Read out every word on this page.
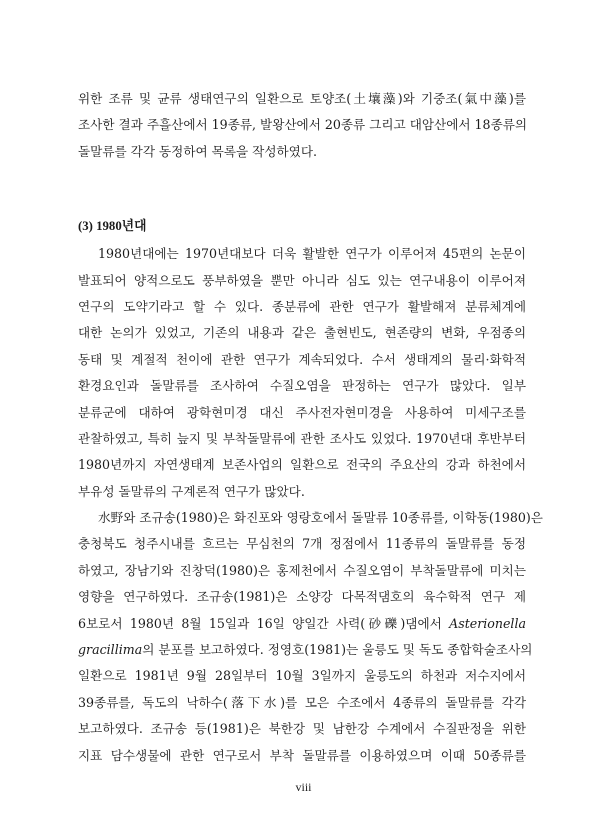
위한 조류 및 균류 생태연구의 일환으로 토양조(土壤藻)와 기중조(氣中藻)를
조사한 결과 주흘산에서 19종류, 발왕산에서 20종류 그리고 대암산에서 18종류의
돌말류를 각각 동정하여 목록을 작성하였다.
(3) 1980년대
1980년대에는 1970년대보다 더욱 활발한 연구가 이루어져 45편의 논문이
발표되어 양적으로도 풍부하였을 뿐만 아니라 심도 있는 연구내용이 이루어져
연구의 도약기라고 할 수 있다. 종분류에 관한 연구가 활발해져 분류체계에
대한 논의가 있었고, 기존의 내용과 같은 출현빈도, 현존량의 변화, 우점종의
동태 및 계절적 천이에 관한 연구가 계속되었다. 수서 생태계의 물리·화학적
환경요인과 돌말류를 조사하여 수질오염을 판정하는 연구가 많았다. 일부
분류군에 대하여 광학현미경 대신 주사전자현미경을 사용하여 미세구조를
관찰하였고, 특히 늪지 및 부착돌말류에 관한 조사도 있었다. 1970년대 후반부터
1980년까지 자연생태계 보존사업의 일환으로 전국의 주요산의 강과 하천에서
부유성 돌말류의 구계론적 연구가 많았다.
水野와 조규송(1980)은 화진포와 영랑호에서 돌말류 10종류를, 이학동(1980)은
충청북도 청주시내를 흐르는 무심천의 7개 정점에서 11종류의 돌말류를 동정
하였고, 장남기와 진창덕(1980)은 홍제천에서 수질오염이 부착돌말류에 미치는
영향을 연구하였다. 조규송(1981)은 소양강 다목적댐호의 육수학적 연구 제
6보로서 1980년 8월 15일과 16일 양일간 사력(砂礫)댐에서 Asterionella
gracillima의 분포를 보고하였다. 정영호(1981)는 울릉도 및 독도 종합학술조사의
일환으로 1981년 9월 28일부터 10월 3일까지 울릉도의 하천과 저수지에서
39종류를, 독도의 낙하수(落下水)를 모은 수조에서 4종류의 돌말류를 각각
보고하였다. 조규송 등(1981)은 북한강 및 남한강 수계에서 수질판정을 위한
지표 담수생물에 관한 연구로서 부착 돌말류를 이용하였으며 이때 50종류를
viii
